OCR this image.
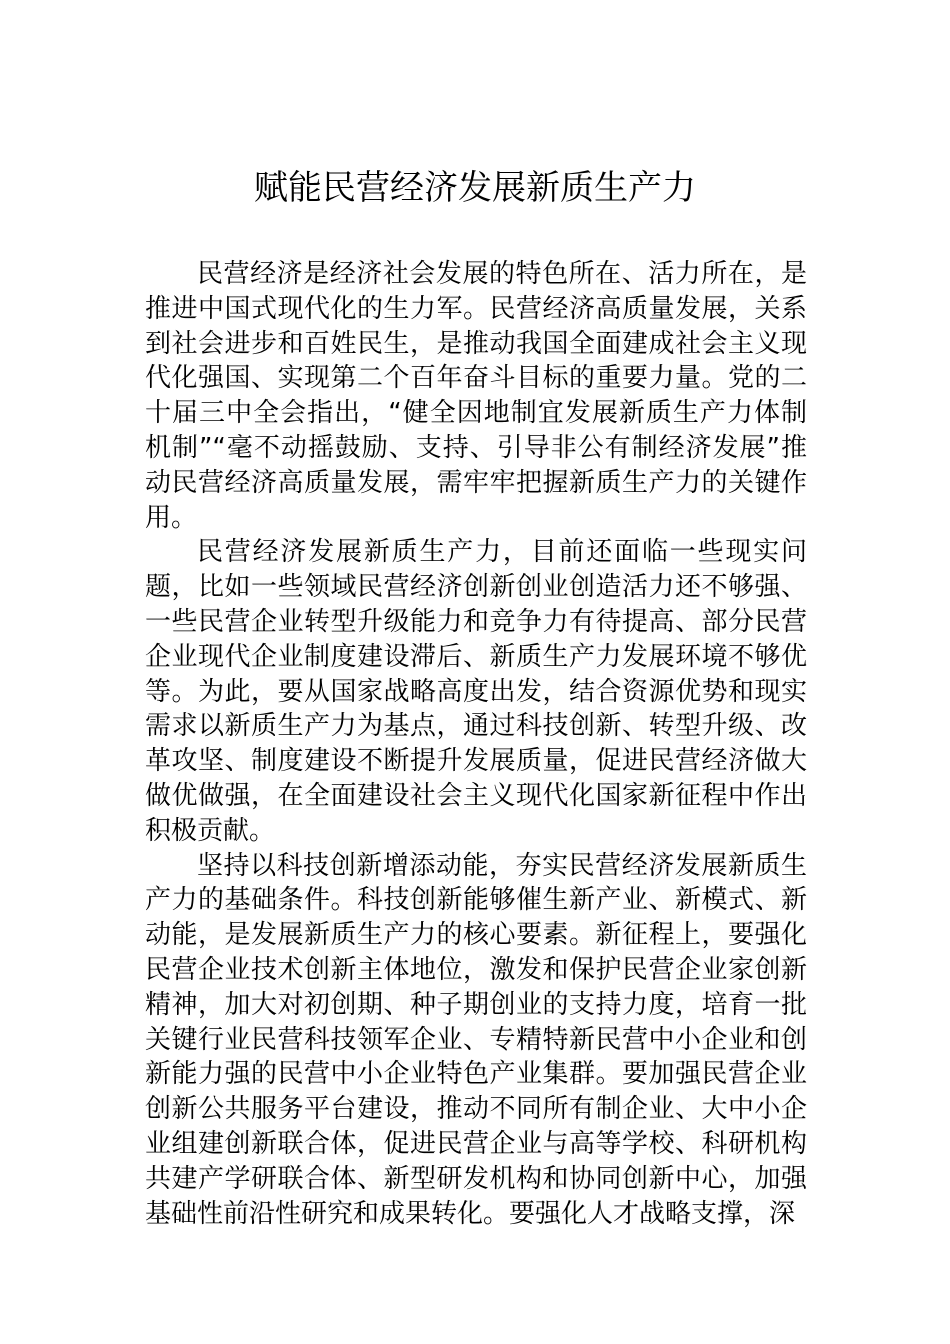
赋能民营经济发展新质生产力

民营经济是经济社会发展的特色所在、活力所在，是推进中国式现代化的生力军。民营经济高质量发展，关系到社会进步和百姓民生，是推动我国全面建成社会主义现代化强国、实现第二个百年奋斗目标的重要力量。党的二十届三中全会指出，“健全因地制宜发展新质生产力体制机制”“毫不动摇鼓励、支持、引导非公有制经济发展”推动民营经济高质量发展，需牢牢把握新质生产力的关键作用。

民营经济发展新质生产力，目前还面临一些现实问题，比如一些领域民营经济创新创业创造活力还不够强、一些民营企业转型升级能力和竞争力有待提高、部分民营企业现代企业制度建设滞后、新质生产力发展环境不够优等。为此，要从国家战略高度出发，结合资源优势和现实需求以新质生产力为基点，通过科技创新、转型升级、改革攻坚、制度建设不断提升发展质量，促进民营经济做大做优做强，在全面建设社会主义现代化国家新征程中作出积极贡献。

坚持以科技创新增添动能，夯实民营经济发展新质生产力的基础条件。科技创新能够催生新产业、新模式、新动能，是发展新质生产力的核心要素。新征程上，要强化民营企业技术创新主体地位，激发和保护民营企业家创新精神，加大对初创期、种子期创业的支持力度，培育一批关键行业民营科技领军企业、专精特新民营中小企业和创新能力强的民营中小企业特色产业集群。要加强民营企业创新公共服务平台建设，推动不同所有制企业、大中小企业组建创新联合体，促进民营企业与高等学校、科研机构共建产学研联合体、新型研发机构和协同创新中心，加强基础性前沿性研究和成果转化。要强化人才战略支撑，深
